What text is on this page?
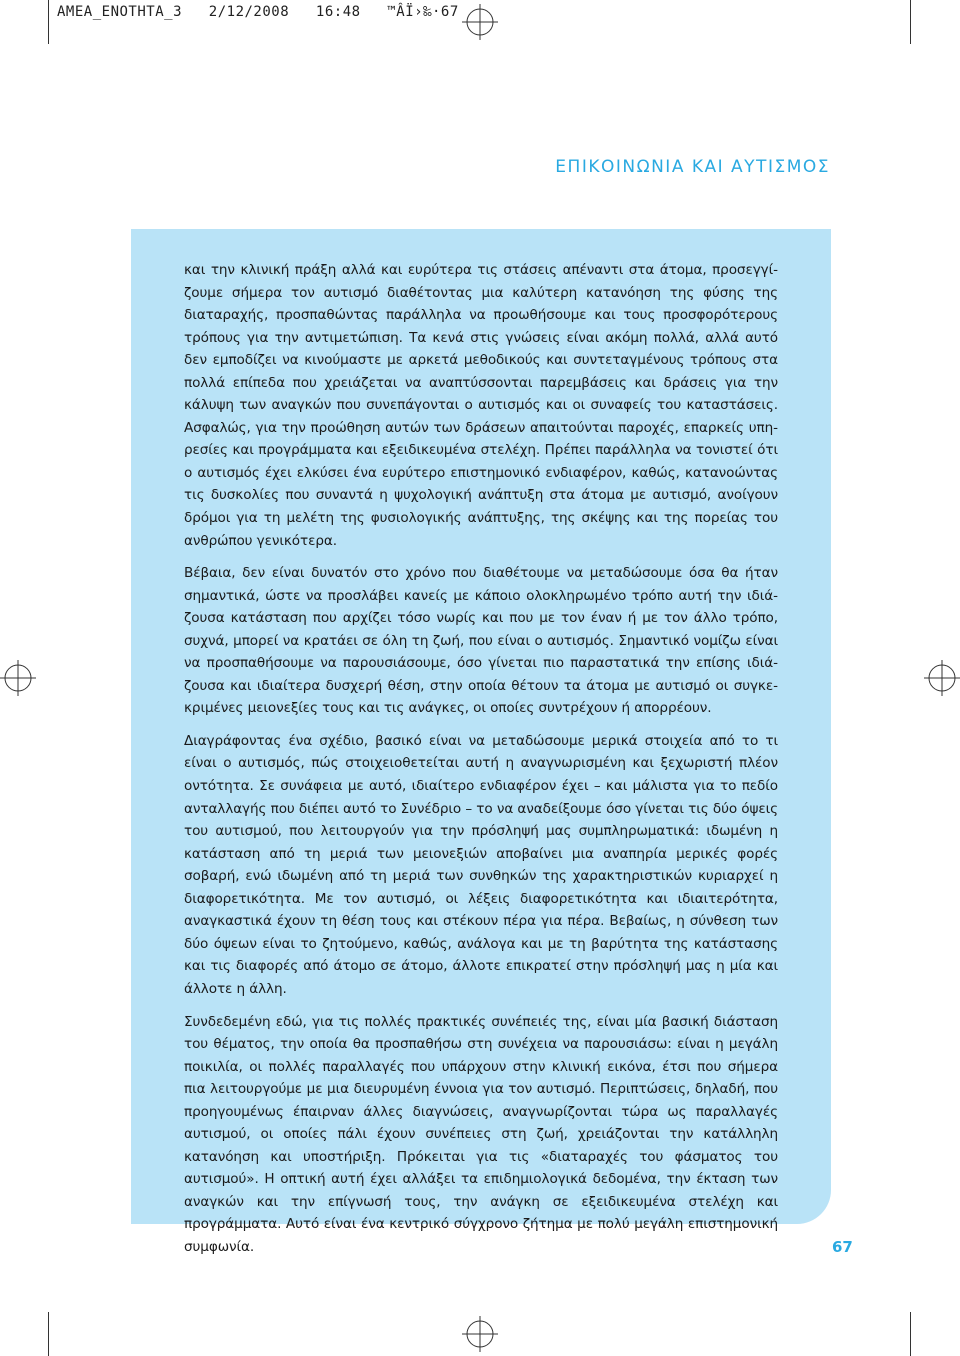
AMEA_ENOTHTA_3   2/12/2008   16:48   ™ÂÏ›‰·67
ΕΠΙΚΟΙΝΩΝΙΑ ΚΑΙ ΑΥΤΙΣΜΟΣ

και την κλινική πράξη αλλά και ευρύτερα τις στάσεις απέναντι στα άτομα, προσεγγίζουμε σήμερα τον αυτισμό διαθέτοντας μια καλύτερη κατανόηση της φύσης της διαταραχής, προσπαθώντας παράλληλα να προωθήσουμε και τους προσφορότερους τρόπους για την αντιμετώπιση. Τα κενά στις γνώσεις είναι ακόμη πολλά, αλλά αυτό δεν εμποδίζει να κινούμαστε με αρκετά μεθοδικούς και συντεταγμένους τρόπους στα πολλά επίπεδα που χρειάζεται να αναπτύσσονται παρεμβάσεις και δράσεις για την κάλυψη των αναγκών που συνεπάγονται ο αυτισμός και οι συναφείς του καταστάσεις. Ασφαλώς, για την προώθηση αυτών των δράσεων απαιτούνται παροχές, επαρκείς υπηρεσίες και προγράμματα και εξειδικευμένα στελέχη. Πρέπει παράλληλα να τονιστεί ότι ο αυτισμός έχει ελκύσει ένα ευρύτερο επιστημονικό ενδιαφέρον, καθώς, κατανοώντας τις δυσκολίες που συναντά η ψυχολογική ανάπτυξη στα άτομα με αυτισμό, ανοίγουν δρόμοι για τη μελέτη της φυσιολογικής ανάπτυξης, της σκέψης και της πορείας του ανθρώπου γενικότερα.

Βέβαια, δεν είναι δυνατόν στο χρόνο που διαθέτουμε να μεταδώσουμε όσα θα ήταν σημαντικά, ώστε να προσλάβει κανείς με κάποιο ολοκληρωμένο τρόπο αυτή την ιδιάζουσα κατάσταση που αρχίζει τόσο νωρίς και που με τον έναν ή με τον άλλο τρόπο, συχνά, μπορεί να κρατάει σε όλη τη ζωή, που είναι ο αυτισμός. Σημαντικό νομίζω είναι να προσπαθήσουμε να παρουσιάσουμε, όσο γίνεται πιο παραστατικά την επίσης ιδιάζουσα και ιδιαίτερα δυσχερή θέση, στην οποία θέτουν τα άτομα με αυτισμό οι συγκεκριμένες μειονεξίες τους και τις ανάγκες, οι οποίες συντρέχουν ή απορρέουν.

Διαγράφοντας ένα σχέδιο, βασικό είναι να μεταδώσουμε μερικά στοιχεία από το τι είναι ο αυτισμός, πώς στοιχειοθετείται αυτή η αναγνωρισμένη και ξεχωριστή πλέον οντότητα. Σε συνάφεια με αυτό, ιδιαίτερο ενδιαφέρον έχει – και μάλιστα για το πεδίο ανταλλαγής που διέπει αυτό το Συνέδριο – το να αναδείξουμε όσο γίνεται τις δύο όψεις του αυτισμού, που λειτουργούν για την πρόσληψή μας συμπληρωματικά: ιδωμένη η κατάσταση από τη μεριά των μειονεξιών αποβαίνει μια αναπηρία μερικές φορές σοβαρή, ενώ ιδωμένη από τη μεριά των συνθηκών της χαρακτηριστικών κυριαρχεί η διαφορετικότητα. Με τον αυτισμό, οι λέξεις διαφορετικότητα και ιδιαιτερότητα, αναγκαστικά έχουν τη θέση τους και στέκουν πέρα για πέρα. Βεβαίως, η σύνθεση των δύο όψεων είναι το ζητούμενο, καθώς, ανάλογα και με τη βαρύτητα της κατάστασης και τις διαφορές από άτομο σε άτομο, άλλοτε επικρατεί στην πρόσληψή μας η μία και άλλοτε η άλλη.

Συνδεδεμένη εδώ, για τις πολλές πρακτικές συνέπειές της, είναι μία βασική διάσταση του θέματος, την οποία θα προσπαθήσω στη συνέχεια να παρουσιάσω: είναι η μεγάλη ποικιλία, οι πολλές παραλλαγές που υπάρχουν στην κλινική εικόνα, έτσι που σήμερα πια λειτουργούμε με μια διευρυμένη έννοια για τον αυτισμό. Περιπτώσεις, δηλαδή, που προηγουμένως έπαιρναν άλλες διαγνώσεις, αναγνωρίζονται τώρα ως παραλλαγές αυτισμού, οι οποίες πάλι έχουν συνέπειες στη ζωή, χρειάζονται την κατάλληλη κατανόηση και υποστήριξη. Πρόκειται για τις «διαταραχές του φάσματος του αυτισμού». Η οπτική αυτή έχει αλλάξει τα επιδημιολογικά δεδομένα, την έκταση των αναγκών και την επίγνωσή τους, την ανάγκη σε εξειδικευμένα στελέχη και προγράμματα. Αυτό είναι ένα κεντρικό σύγχρονο ζήτημα με πολύ μεγάλη επιστημονική συμφωνία.	67
